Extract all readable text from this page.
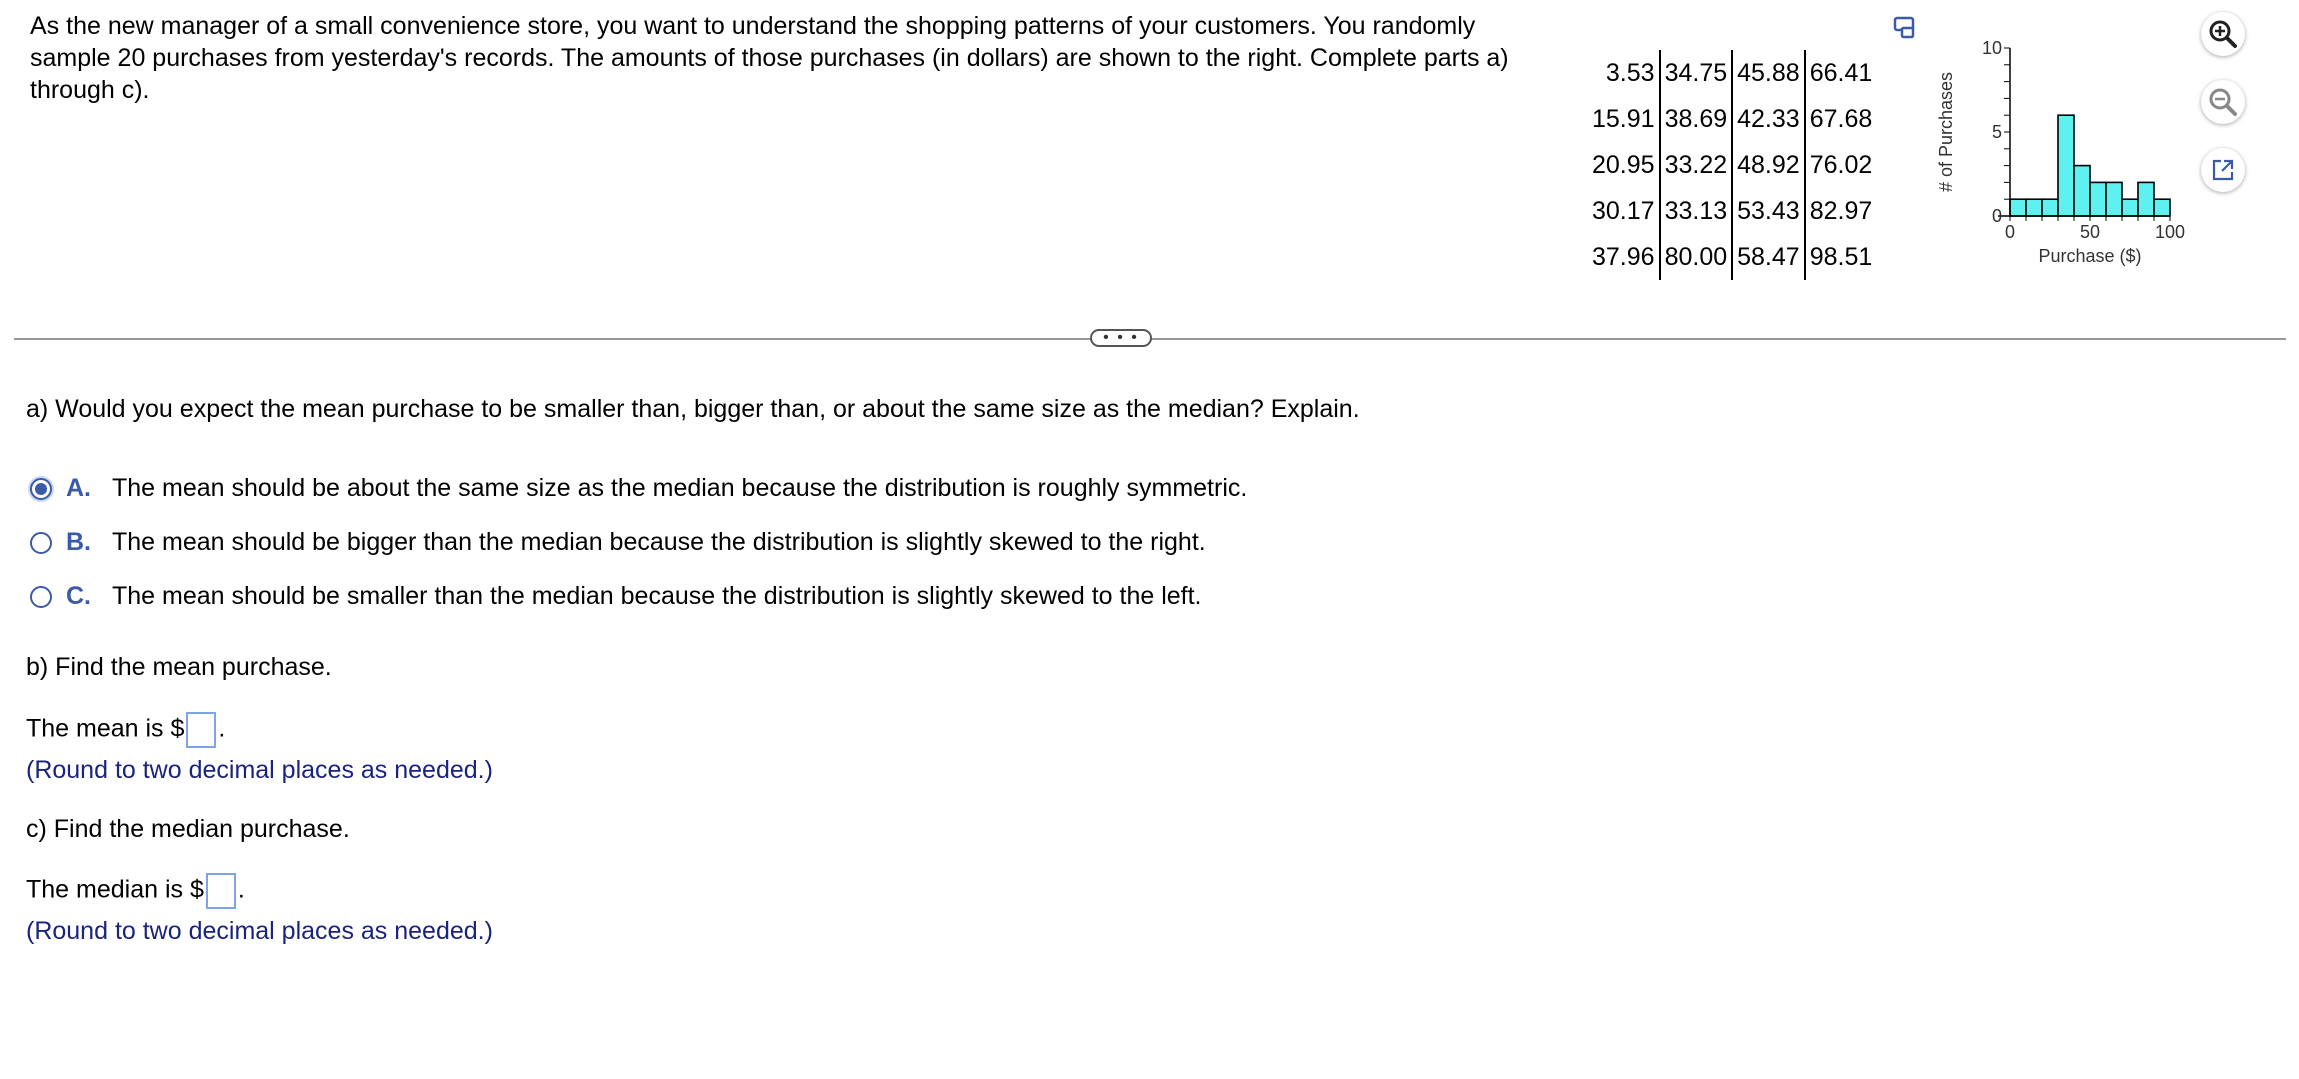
As the new manager of a small convenience store, you want to understand the shopping patterns of your customers. You randomly
sample 20 purchases from yesterday's records. The amounts of those purchases (in dollars) are shown to the right. Complete parts a)
through c).
3.53	34.75	45.88	66.41
15.91	38.69	42.33	67.68
20.95	33.22	48.92	76.02
30.17	33.13	53.43	82.97
37.96	80.00	58.47	98.51
0	50	100
0
5
10
Purchase ($)
# of Purchases
• • •
a) Would you expect the mean purchase to be smaller than, bigger than, or about the same size as the median? Explain.
A. The mean should be about the same size as the median because the distribution is roughly symmetric.
B. The mean should be bigger than the median because the distribution is slightly skewed to the right.
C. The mean should be smaller than the median because the distribution is slightly skewed to the left.
b) Find the mean purchase.
The mean is $ .
(Round to two decimal places as needed.)
c) Find the median purchase.
The median is $ .
(Round to two decimal places as needed.)
